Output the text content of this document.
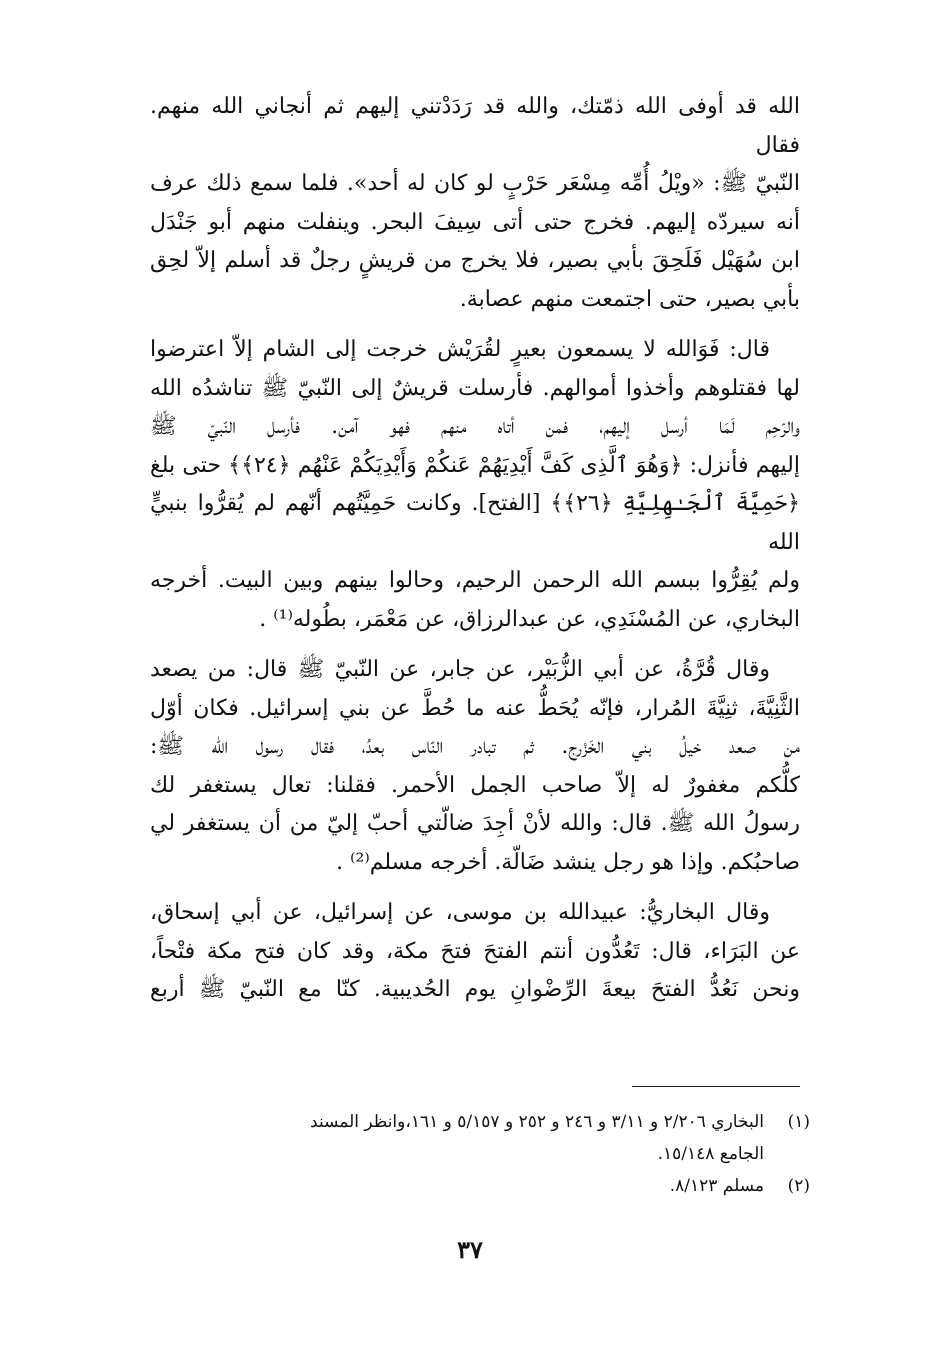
الله قد أوفى الله ذمّتك، والله قد رَدَدْتني إليهم ثم أنجاني الله منهم. فقال
النّبيّ ﷺ: «ويْلُ أُمِّه مِسْعَر حَرْبٍ لو كان له أحد». فلما سمع ذلك عرف
أنه سيردّه إليهم. فخرج حتى أتى سِيفَ البحر. وينفلت منهم أبو جَنْدَل
ابن سُهَيْل فَلَحِقَ بأبي بصير، فلا يخرج من قريشٍ رجلٌ قد أسلم إلاّ لحِق
بأبي بصير، حتى اجتمعت منهم عصابة.

قال: فَوَالله لا يسمعون بعيرٍ لقُرَيْش خرجت إلى الشام إلاّ اعترضوا
لها فقتلوهم وأخذوا أموالهم. فأرسلت قريشٌ إلى النّبيّ ﷺ تناشدُه الله
والرّحِم لَمَا أرسل إليهم، فمن أتاه منهم فهو آمن. فأرسل النّبيّ ﷺ
إليهم فأنزل: ﴿وَهُوَ ٱلَّذِى كَفَّ أَيْدِيَهُمْ عَنكُمْ وَأَيْدِيَكُمْ عَنْهُم ﴿٢٤﴾﴾ حتى بلغ
﴿حَمِيَّةَ ٱلْجَـٰهِلِيَّةِ ﴿٢٦﴾﴾ [الفتح]. وكانت حَمِيَّتُهم أنّهم لم يُقرُّوا بنبيٍّ الله
ولم يُقِرُّوا ببسم الله الرحمن الرحيم، وحالوا بينهم وبين البيت. أخرجه
البخاري، عن المُسْنَدِي، عن عبدالرزاق، عن مَعْمَر، بطُوله⁽¹⁾ .

وقال قُرَّةُ، عن أبي الزُّبَيْر، عن جابر، عن النّبيّ ﷺ قال: من يصعد
الثَّنِيَّةَ، ثنِيَّةَ المُرار، فإنّه يُحَطُّ عنه ما حُطَّ عن بني إسرائيل. فكان أوّل
من صعد خيلُ بني الخَزْرج. ثم تبادر النّاس بعدُ، فقال رسول الله ﷺ:
كلُّكم مغفورٌ له إلاّ صاحب الجمل الأحمر. فقلنا: تعال يستغفر لك
رسولُ الله ﷺ. قال: والله لأنْ أجِدَ ضالّتي أحبّ إليّ من أن يستغفر لي
صاحبُكم. وإذا هو رجل ينشد ضَالّة. أخرجه مسلم⁽²⁾ .

وقال البخاريُّ: عبيدالله بن موسى، عن إسرائيل، عن أبي إسحاق،
عن البَرَاء، قال: تَعُدُّون أنتم الفتحَ فتحَ مكة، وقد كان فتح مكة فتْحاً،
ونحن نَعُدُّ الفتحَ بيعةَ الرِّضْوانِ يوم الحُديبية. كنّا مع النّبيّ ﷺ أربع

(١)
البخاري ٢/٢٠٦ و ٣/١١ و ٢٤٦ و ٢٥٢ و ٥/١٥٧ و ١٦١،وانظر المسند
الجامع ١٥/١٤٨.
(٢)
مسلم ٨/١٢٣.
٣٧
